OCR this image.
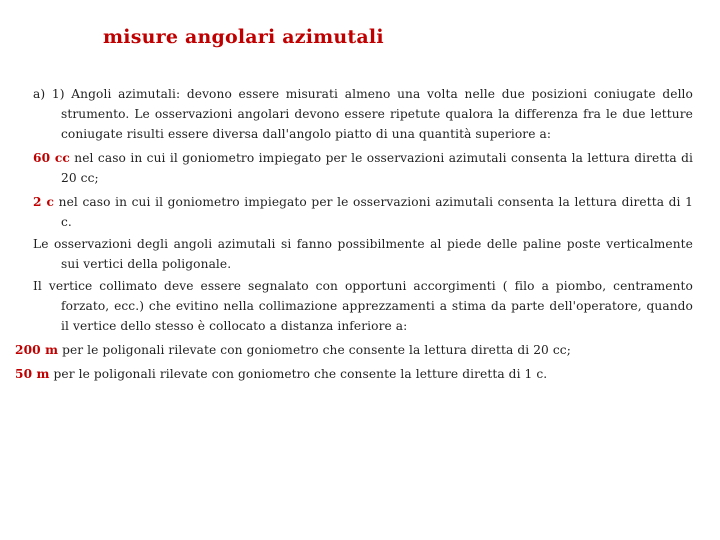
misure angolari azimutali

a) 1) Angoli azimutali: devono essere misurati almeno una volta nelle due posizioni coniugate dello strumento. Le osservazioni angolari devono essere ripetute qualora la differenza fra le due letture coniugate risulti essere diversa dall'angolo piatto di una quantità superiore a:

60 cc nel caso in cui il goniometro impiegato per le osservazioni azimutali consenta la lettura diretta di 20 cc;

2 c nel caso in cui il goniometro impiegato per le osservazioni azimutali consenta la lettura diretta di 1 c.

Le osservazioni degli angoli azimutali si fanno possibilmente al piede delle paline poste verticalmente sui vertici della poligonale.

Il vertice collimato deve essere segnalato con opportuni accorgimenti ( filo a piombo, centramento forzato, ecc.) che evitino nella collimazione apprezzamenti a stima da parte dell'operatore, quando il vertice dello stesso è collocato a distanza inferiore a:

200 m per le poligonali rilevate con goniometro che consente la lettura diretta di 20 cc;

50 m per le poligonali rilevate con goniometro che consente la letture diretta di 1 c.
